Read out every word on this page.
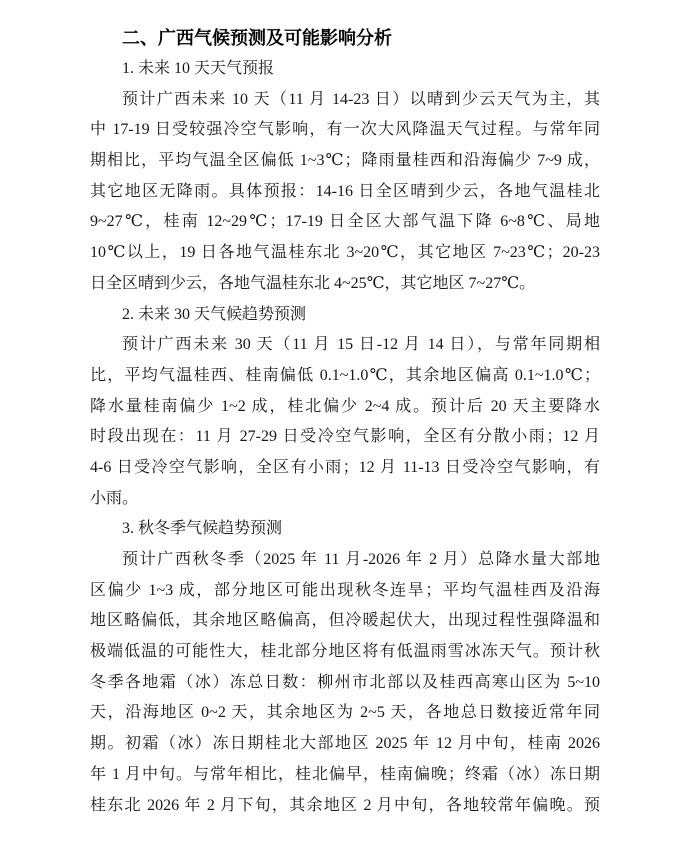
二、广西气候预测及可能影响分析
1. 未来 10 天天气预报
预计广西未来 10 天（11 月 14-23 日）以晴到少云天气为主，其
中 17-19 日受较强冷空气影响，有一次大风降温天气过程。与常年同
期相比，平均气温全区偏低 1~3℃；降雨量桂西和沿海偏少 7~9 成，
其它地区无降雨。具体预报：14-16 日全区晴到少云，各地气温桂北
9~27℃，桂南 12~29℃；17-19 日全区大部气温下降 6~8℃、局地
10℃以上，19 日各地气温桂东北 3~20℃，其它地区 7~23℃；20-23
日全区晴到少云，各地气温桂东北 4~25℃，其它地区 7~27℃。
2. 未来 30 天气候趋势预测
预计广西未来 30 天（11 月 15 日-12 月 14 日），与常年同期相
比，平均气温桂西、桂南偏低 0.1~1.0℃，其余地区偏高 0.1~1.0℃；
降水量桂南偏少 1~2 成，桂北偏少 2~4 成。预计后 20 天主要降水
时段出现在：11 月 27-29 日受冷空气影响，全区有分散小雨；12 月
4-6 日受冷空气影响，全区有小雨；12 月 11-13 日受冷空气影响，有
小雨。
3. 秋冬季气候趋势预测
预计广西秋冬季（2025 年 11 月-2026 年 2 月）总降水量大部地
区偏少 1~3 成，部分地区可能出现秋冬连旱；平均气温桂西及沿海
地区略偏低，其余地区略偏高，但冷暖起伏大，出现过程性强降温和
极端低温的可能性大，桂北部分地区将有低温雨雪冰冻天气。预计秋
冬季各地霜（冰）冻总日数：柳州市北部以及桂西高寒山区为 5~10
天，沿海地区 0~2 天，其余地区为 2~5 天，各地总日数接近常年同
期。初霜（冰）冻日期桂北大部地区 2025 年 12 月中旬，桂南 2026
年 1 月中旬。与常年相比，桂北偏早，桂南偏晚；终霜（冰）冻日期
桂东北 2026 年 2 月下旬，其余地区 2 月中旬，各地较常年偏晚。预
